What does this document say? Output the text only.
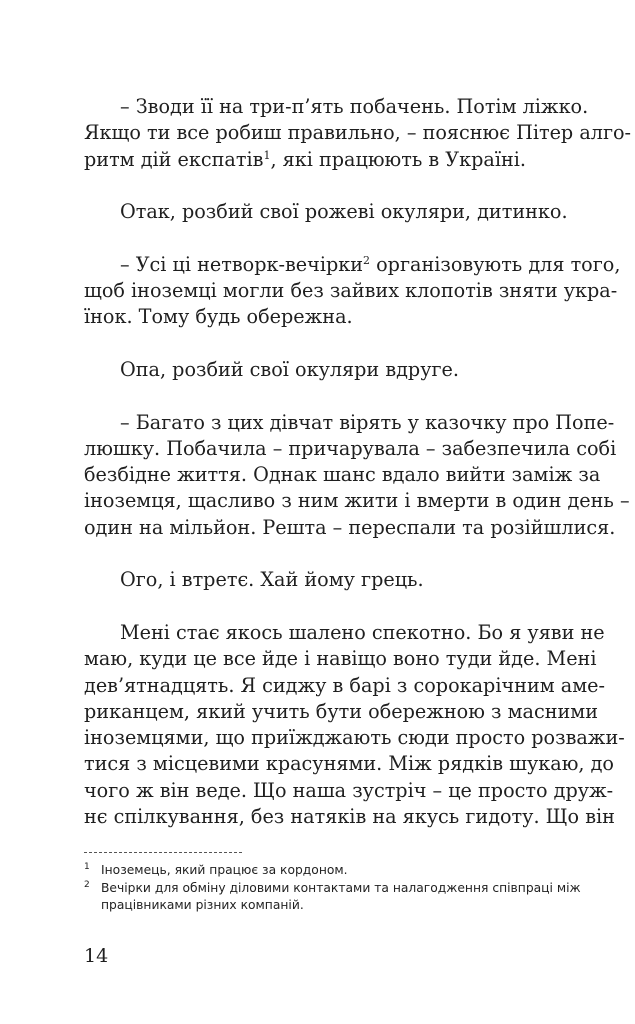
– Зводи її на три-п’ять побачень. Потім ліжко.
Якщо ти все робиш правильно, – пояснює Пітер алго-
ритм дій експатів$^1$, які працюють в Україні.

Отак, розбий свої рожеві окуляри, дитинко.

– Усі ці нетворк-вечірки$^2$ організовують для того,
щоб іноземці могли без зайвих клопотів зняти укра-
їнок. Тому будь обережна.

Опа, розбий свої окуляри вдруге.

– Багато з цих дівчат вірять у казочку про Попе-
люшку. Побачила – причарувала – забезпечила собі
безбідне життя. Однак шанс вдало вийти заміж за
іноземця, щасливо з ним жити і вмерти в один день –
один на мільйон. Решта – переспали та розійшлися.

Ого, і втретє. Хай йому грець.

Мені стає якось шалено спекотно. Бо я уяви не
маю, куди це все йде і навіщо воно туди йде. Мені
дев’ятнадцять. Я сиджу в барі з сорокарічним аме-
риканцем, який учить бути обережною з масними
іноземцями, що приїжджають сюди просто розважи-
тися з місцевими красунями. Між рядків шукаю, до
чого ж він веде. Що наша зустріч – це просто друж-
нє спілкування, без натяків на якусь гидоту. Що він

1 Іноземець, який працює за кордоном.
2 Вечірки для обміну діловими контактами та налагодження співпраці між
працівниками різних компаній.
14
